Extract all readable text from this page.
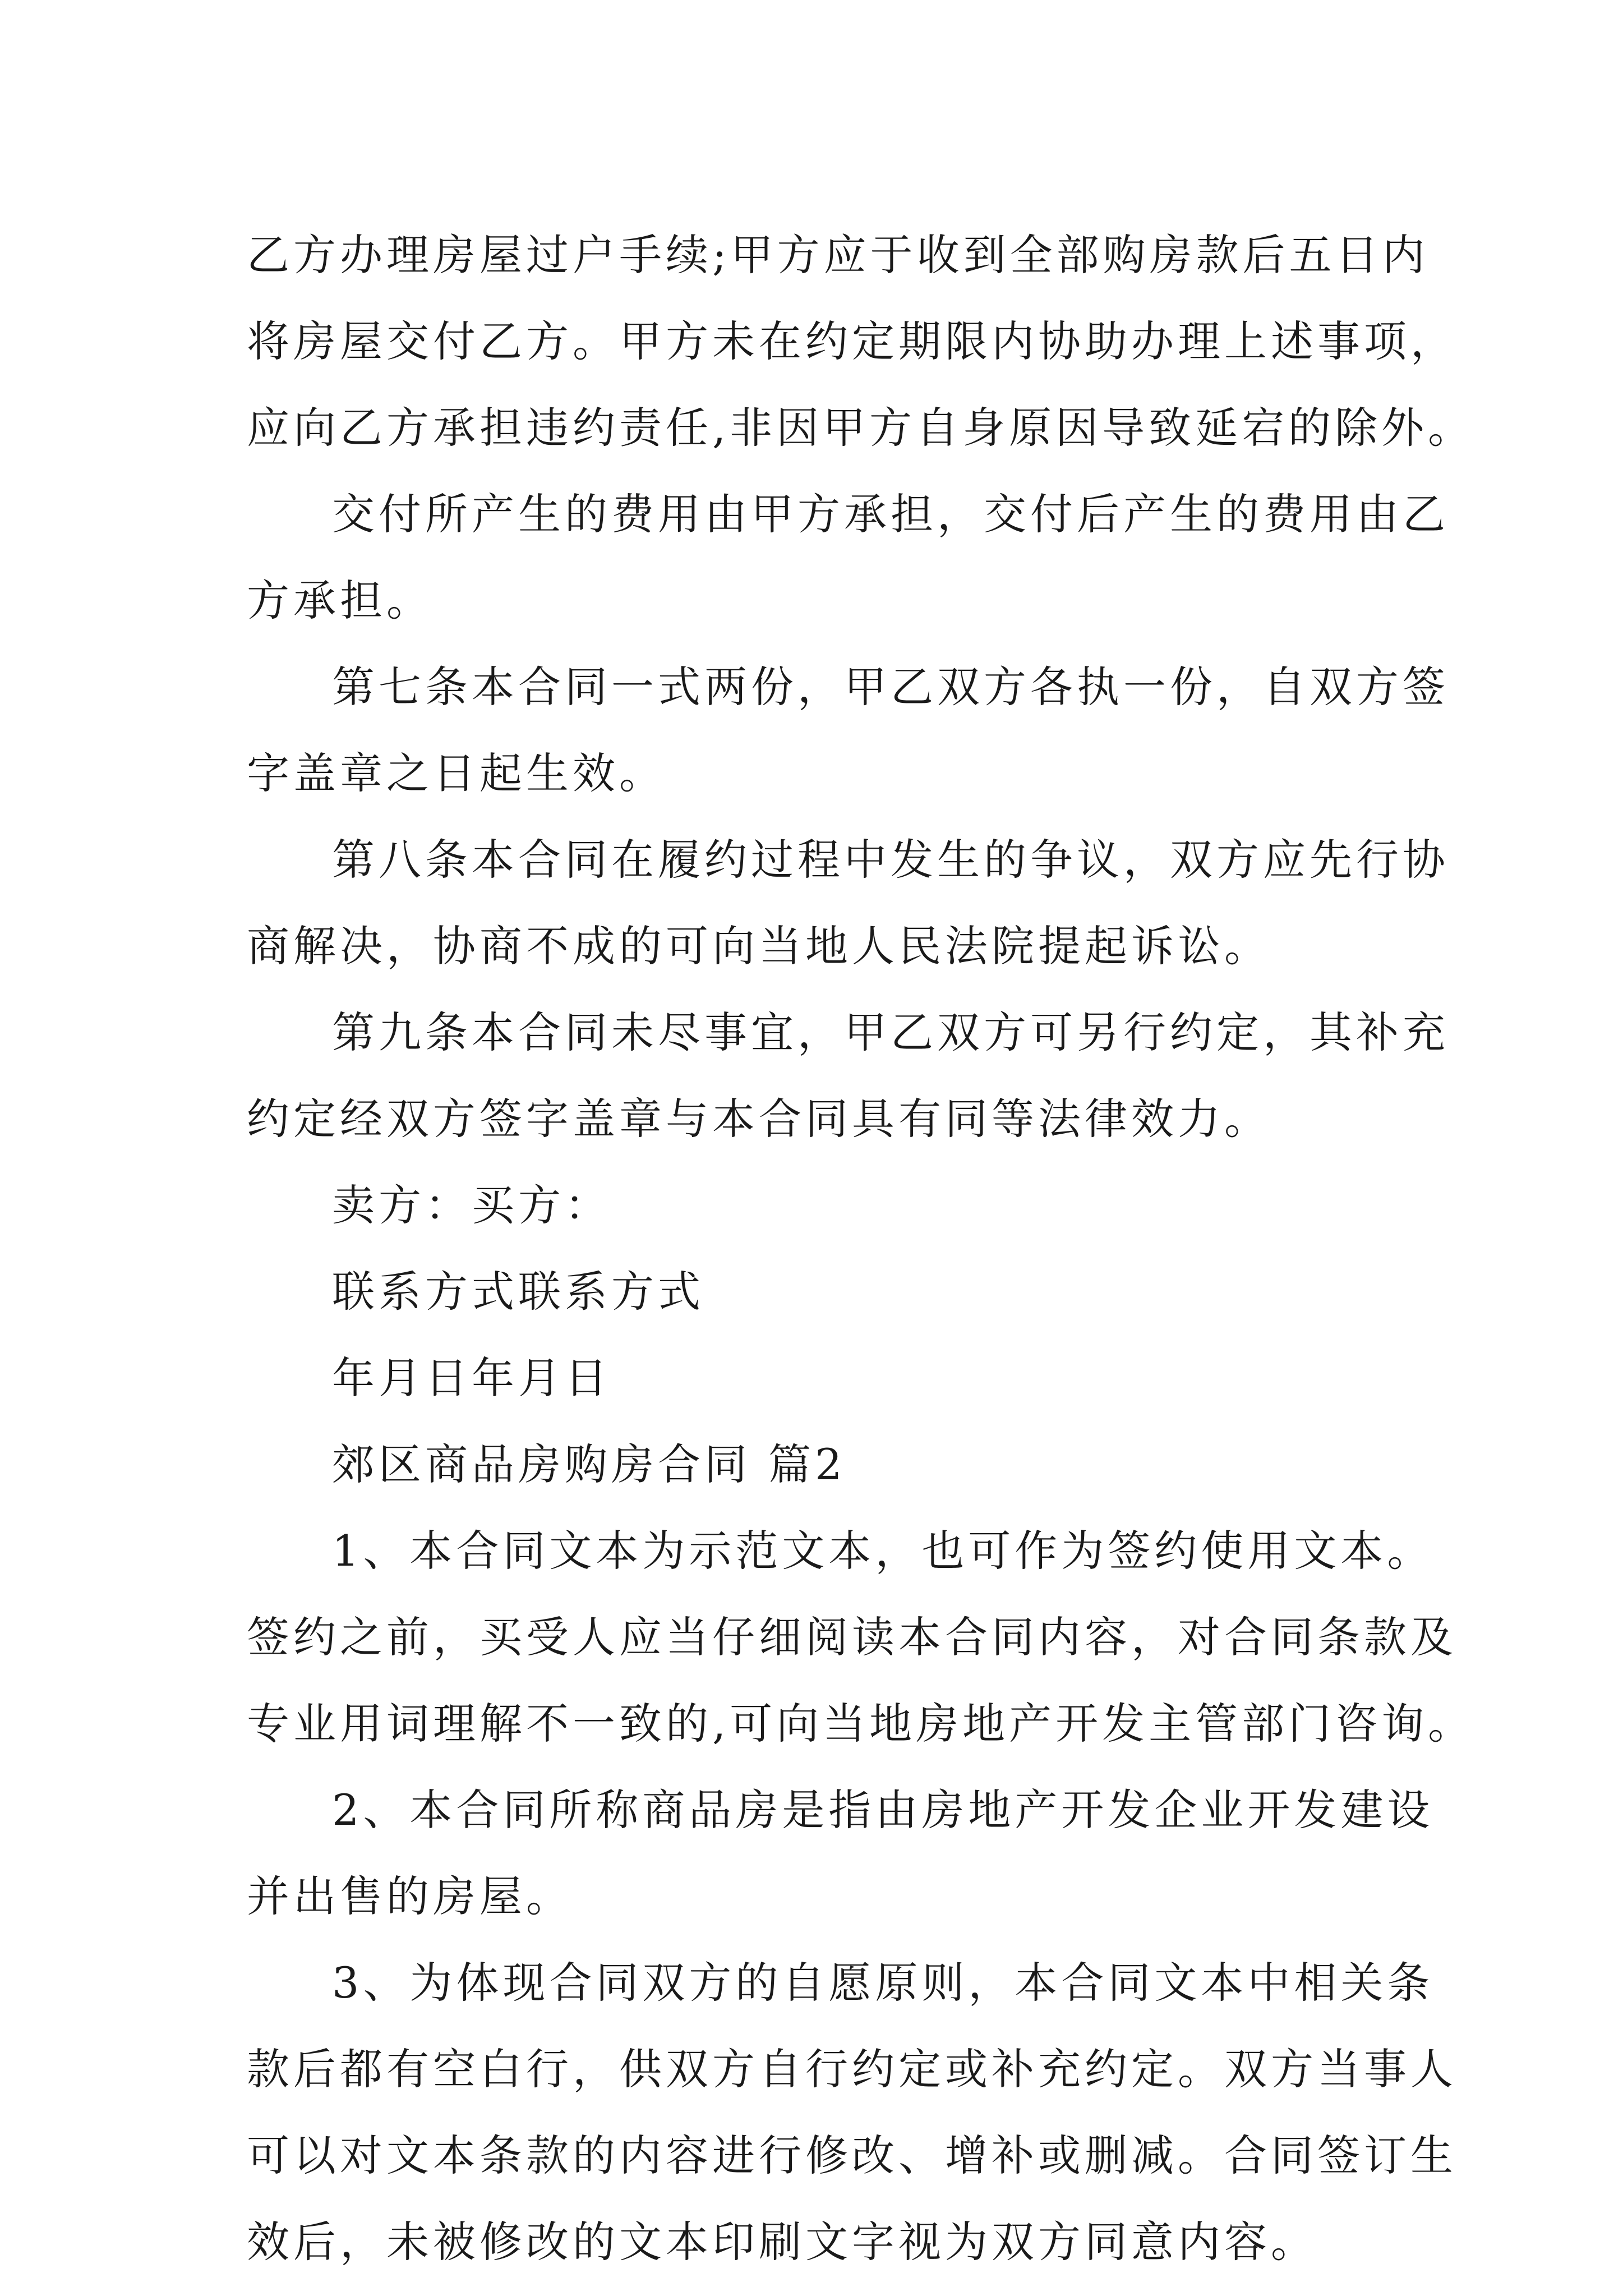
乙方办理房屋过户手续;甲方应于收到全部购房款后五日内
将房屋交付乙方。甲方未在约定期限内协助办理上述事项，
应向乙方承担违约责任,非因甲方自身原因导致延宕的除外。
交付所产生的费用由甲方承担，交付后产生的费用由乙
方承担。
第七条本合同一式两份，甲乙双方各执一份，自双方签
字盖章之日起生效。
第八条本合同在履约过程中发生的争议，双方应先行协
商解决，协商不成的可向当地人民法院提起诉讼。
第九条本合同未尽事宜，甲乙双方可另行约定，其补充
约定经双方签字盖章与本合同具有同等法律效力。
卖方：买方：
联系方式联系方式
年月日年月日
郊区商品房购房合同 篇2
1、本合同文本为示范文本，也可作为签约使用文本。
签约之前，买受人应当仔细阅读本合同内容，对合同条款及
专业用词理解不一致的,可向当地房地产开发主管部门咨询。
2、本合同所称商品房是指由房地产开发企业开发建设
并出售的房屋。
3、为体现合同双方的自愿原则，本合同文本中相关条
款后都有空白行，供双方自行约定或补充约定。双方当事人
可以对文本条款的内容进行修改、增补或删减。合同签订生
效后，未被修改的文本印刷文字视为双方同意内容。
